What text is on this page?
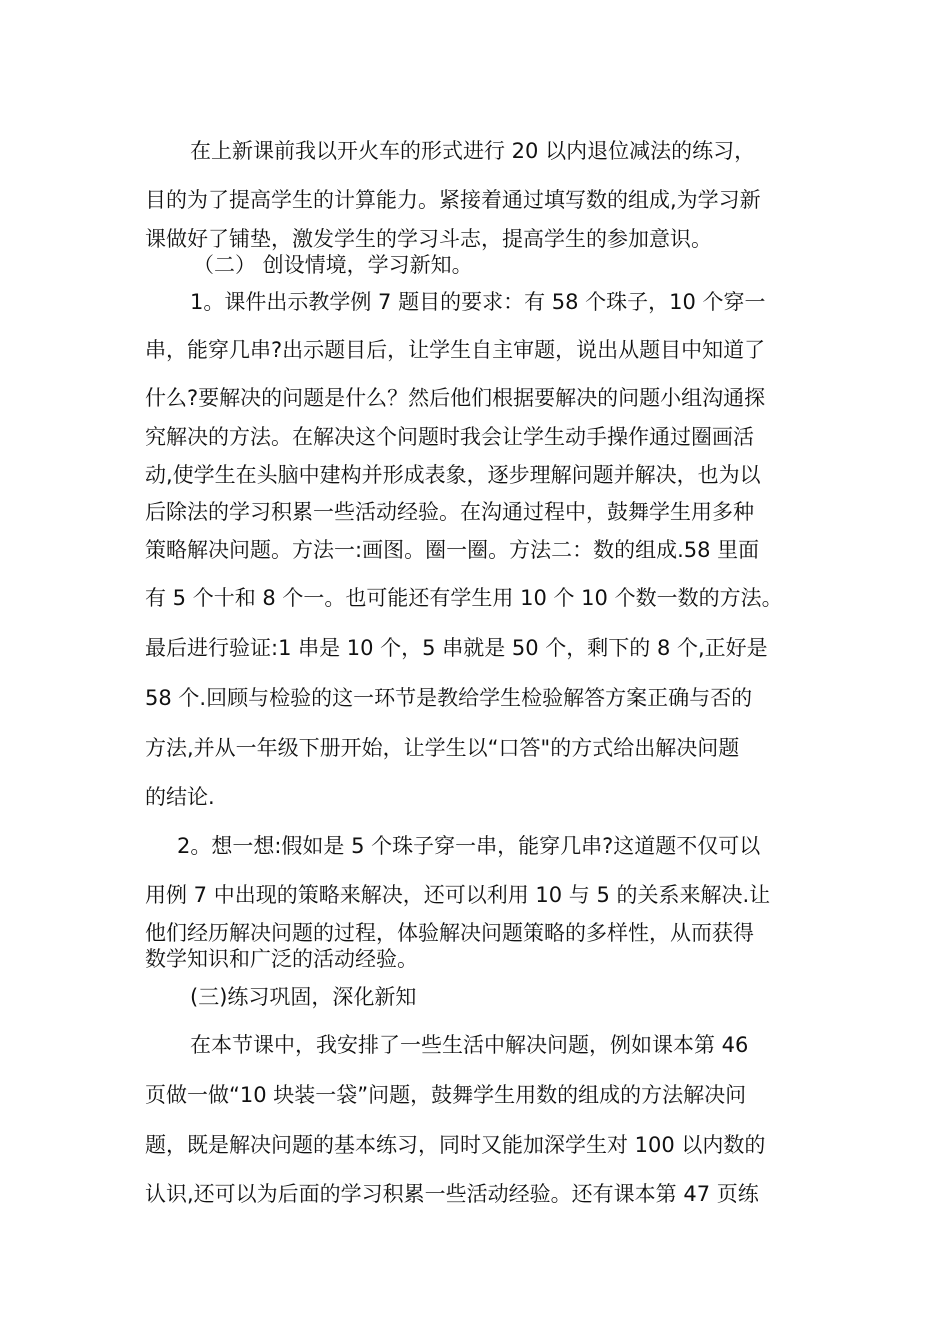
在上新课前我以开火车的形式进行 20 以内退位减法的练习，
目的为了提高学生的计算能力。紧接着通过填写数的组成,为学习新
课做好了铺垫，激发学生的学习斗志，提高学生的参加意识。
（二） 创设情境，学习新知。
1。课件出示教学例 7 题目的要求：有 58 个珠子，10 个穿一
串，能穿几串?出示题目后，让学生自主审题，说出从题目中知道了
什么?要解决的问题是什么？然后他们根据要解决的问题小组沟通探
究解决的方法。在解决这个问题时我会让学生动手操作通过圈画活
动,使学生在头脑中建构并形成表象，逐步理解问题并解决，也为以
后除法的学习积累一些活动经验。在沟通过程中，鼓舞学生用多种
策略解决问题。方法一:画图。圈一圈。方法二：数的组成.58 里面
有 5 个十和 8 个一。也可能还有学生用 10 个 10 个数一数的方法。
最后进行验证:1 串是 10 个，5 串就是 50 个，剩下的 8 个,正好是
58 个.回顾与检验的这一环节是教给学生检验解答方案正确与否的
方法,并从一年级下册开始，让学生以“口答"的方式给出解决问题
的结论.
2。想一想:假如是 5 个珠子穿一串，能穿几串?这道题不仅可以
用例 7 中出现的策略来解决，还可以利用 10 与 5 的关系来解决.让
他们经历解决问题的过程，体验解决问题策略的多样性，从而获得
数学知识和广泛的活动经验。
(三)练习巩固，深化新知
在本节课中，我安排了一些生活中解决问题，例如课本第 46
页做一做“10 块装一袋”问题，鼓舞学生用数的组成的方法解决问
题，既是解决问题的基本练习，同时又能加深学生对 100 以内数的
认识,还可以为后面的学习积累一些活动经验。还有课本第 47 页练
